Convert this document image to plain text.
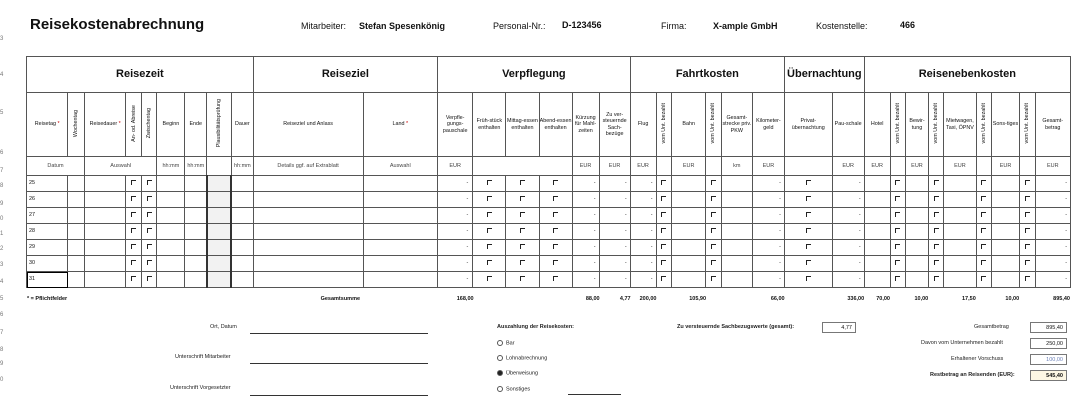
3
4
5
6
7
8
9
0
1
2
3
4
5
6
7
8
9
0
Reisekostenabrechnung	Mitarbeiter: Stefan Spesenkönig	Personal-Nr.: D-123456	Firma:	X-ample GmbH	Kostenstelle:	466
Reisezeit									Reiseziel		Verpflegung						Fahrtkosten						Übernachtung		Reisenebenkosten								
Reisetag *	Wochentag	Reisedauer *	An- od. Abreise	Zwischentag	Beginn	Ende	Plausibilitätsprüfung	Dauer	Reiseziel und Anlass	Land *	Verpfle-gungs-pauschale	Früh-stück enthalten	Mittag-essen enthalten	Abend-essen enthalten	Kürzung für Mahl-zeiten	Zu ver-steuernde Sach-bezüge	Flug	vom Unt. bezahlt	Bahn	vom Unt. bezahlt	Gesamt-strecke priv. PKW	Kilometer-geld	Privat-übernachtung	Pau-schale	Hotel	vom Unt. bezahlt	Bewir-tung	vom Unt. bezahlt	Mietwagen, Taxi, ÖPNV	vom Unt. bezahlt	Sons-tiges	vom Unt. bezahlt	Gesamt-betrag
Datum		Auswahl			hh:mm	hh:mm		hh:mm	Details ggf. auf Extrablatt	Auswahl	EUR				EUR	EUR	EUR		EUR		km	EUR		EUR	EUR		EUR		EUR		EUR		EUR
25											-				-	-	-					-		-									-
26											-				-	-	-					-		-									-
27											-				-	-	-					-		-									-
28											-				-	-	-					-		-									-
29											-				-	-	-					-		-									-
30											-				-	-	-					-		-									-
31											-				-	-	-					-		-									-
* = Pflichtfelder	Gesamtsumme		168,00				88,00	4,77	200,00		105,90			66,00		336,00	70,00		10,00		17,50		10,00		895,40
Ort, Datum
Unterschrift Mitarbeiter
Unterschrift Vorgesetzter
Auszahlung der Reisekosten:
Bar
Lohnabrechnung
Überweisung
Sonstiges
Zu versteuernde Sachbezugswerte (gesamt):	4,77	Gesamtbetrag	895,40
Davon vom Unternehmen bezahlt	250,00
Erhaltener Vorschuss	100,00
Restbetrag an Reisenden (EUR):	545,40
